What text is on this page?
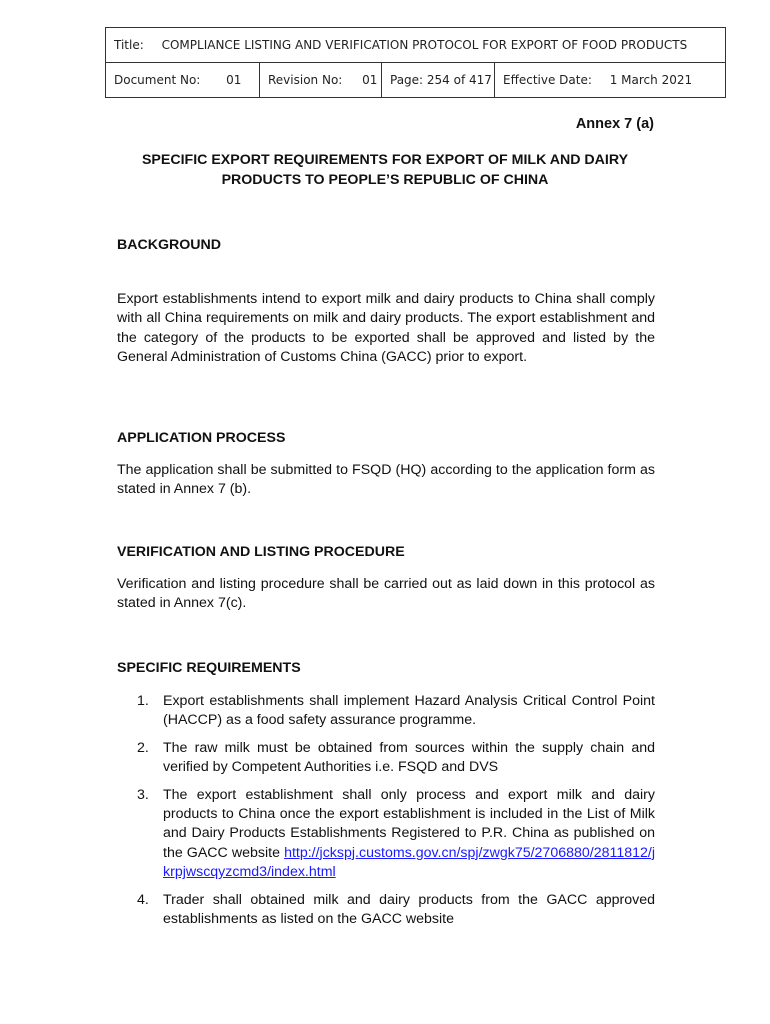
Title: COMPLIANCE LISTING AND VERIFICATION PROTOCOL FOR EXPORT OF FOOD PRODUCTS
Document No: 01	Revision No: 01	Page: 254 of 417	Effective Date: 1 March 2021
Annex 7 (a)
SPECIFIC EXPORT REQUIREMENTS FOR EXPORT OF MILK AND DAIRY PRODUCTS TO PEOPLE’S REPUBLIC OF CHINA

BACKGROUND

Export establishments intend to export milk and dairy products to China shall comply with all China requirements on milk and dairy products. The export establishment and the category of the products to be exported shall be approved and listed by the General Administration of Customs China (GACC) prior to export.

APPLICATION PROCESS

The application shall be submitted to FSQD (HQ) according to the application form as stated in Annex 7 (b).

VERIFICATION AND LISTING PROCEDURE

Verification and listing procedure shall be carried out as laid down in this protocol as stated in Annex 7(c).

SPECIFIC REQUIREMENTS

1. Export establishments shall implement Hazard Analysis Critical Control Point (HACCP) as a food safety assurance programme.
2. The raw milk must be obtained from sources within the supply chain and verified by Competent Authorities i.e. FSQD and DVS
3. The export establishment shall only process and export milk and dairy products to China once the export establishment is included in the List of Milk and Dairy Products Establishments Registered to P.R. China as published on the GACC website http://jckspj.customs.gov.cn/spj/zwgk75/2706880/2811812/jkrpjwscqyzcmd3/index.html
4. Trader shall obtained milk and dairy products from the GACC approved establishments as listed on the GACC website
